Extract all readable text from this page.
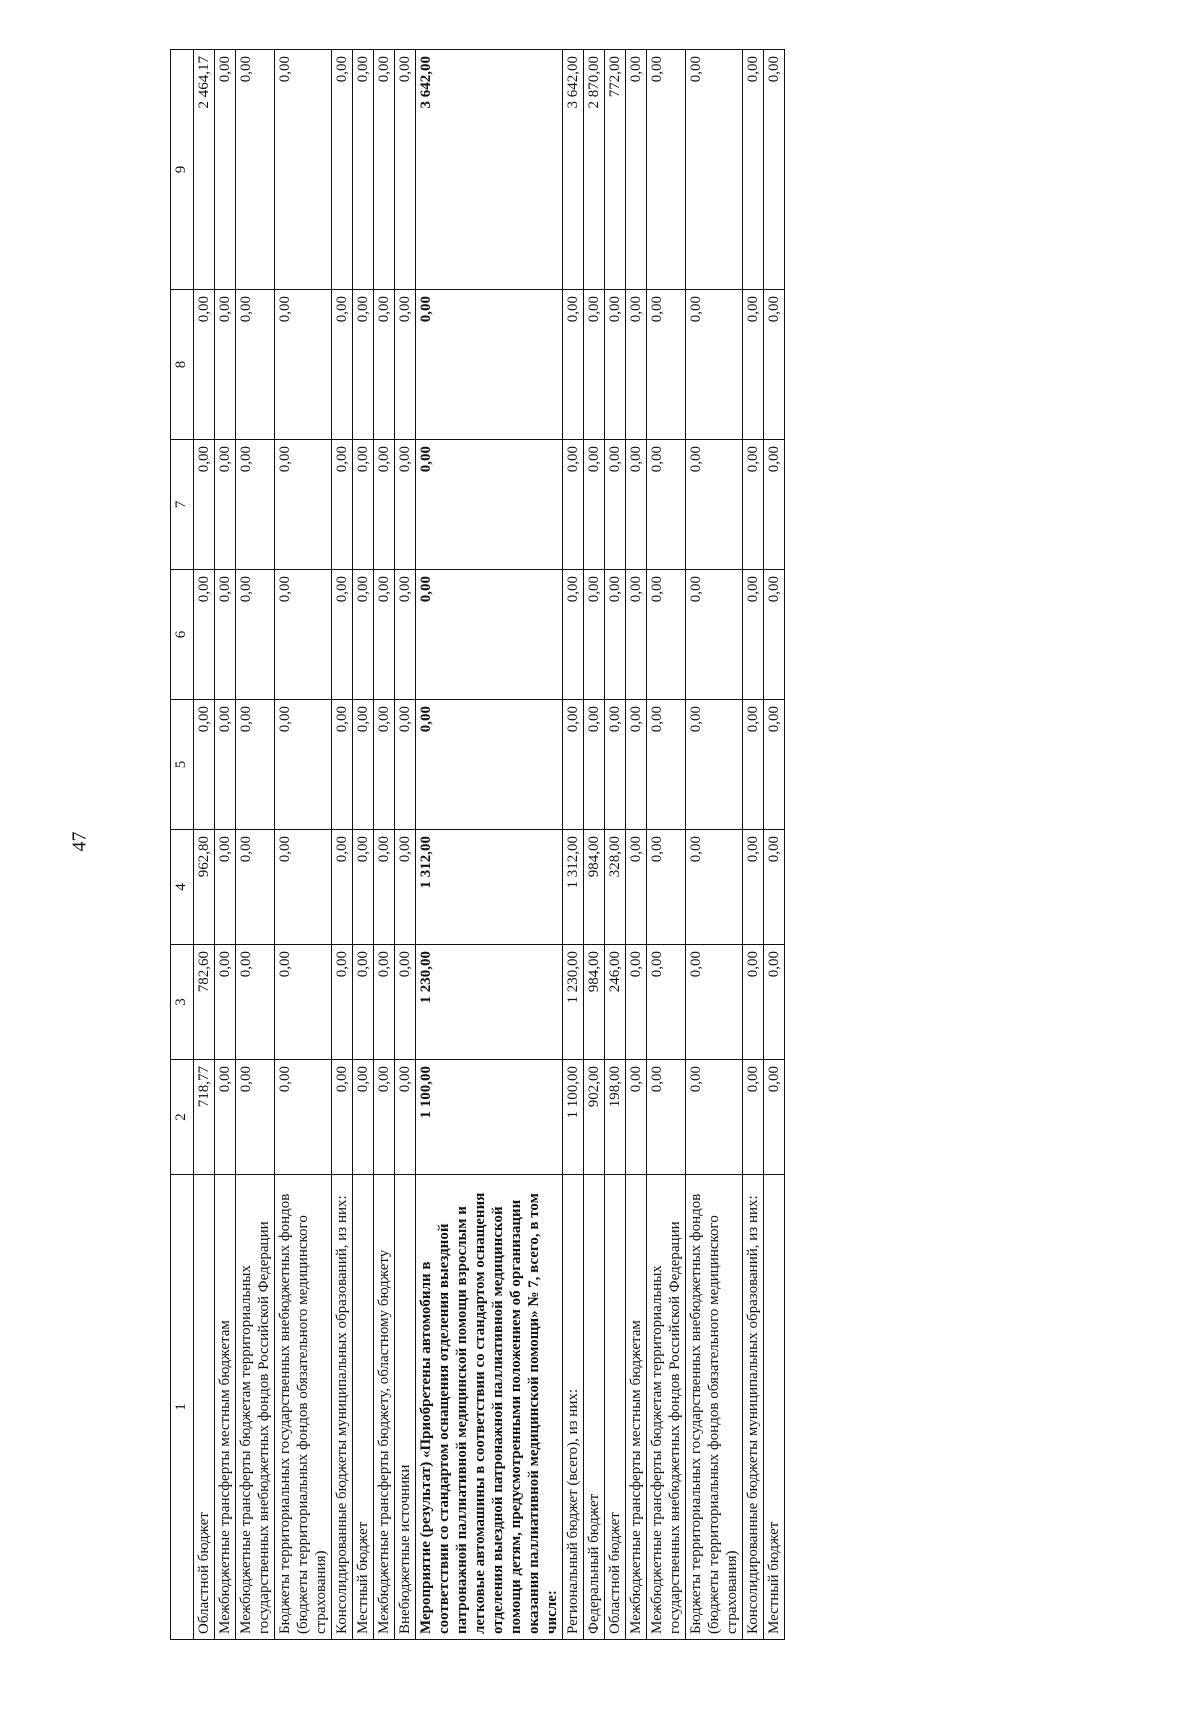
47
1	2	3	4	5	6	7	8	9
Областной бюджет	718,77	782,60	962,80	0,00	0,00	0,00	0,00	2 464,17
Межбюджетные трансферты местным бюджетам	0,00	0,00	0,00	0,00	0,00	0,00	0,00	0,00
Межбюджетные трансферты бюджетам территориальных государственных внебюджетных фондов Российской Федерации	0,00	0,00	0,00	0,00	0,00	0,00	0,00	0,00
Бюджеты территориальных государственных внебюджетных фондов (бюджеты территориальных фондов обязательного медицинского страхования)	0,00	0,00	0,00	0,00	0,00	0,00	0,00	0,00
Консолидированные бюджеты муниципальных образований, из них:	0,00	0,00	0,00	0,00	0,00	0,00	0,00	0,00
Местный бюджет	0,00	0,00	0,00	0,00	0,00	0,00	0,00	0,00
Межбюджетные трансферты бюджету, областному бюджету	0,00	0,00	0,00	0,00	0,00	0,00	0,00	0,00
Внебюджетные источники	0,00	0,00	0,00	0,00	0,00	0,00	0,00	0,00
Мероприятие (результат) «Приобретены автомобили в соответствии со стандартом оснащения отделения выездной патронажной паллиативной медицинской помощи взрослым и легковые автомашины в соответствии со стандартом оснащения отделения выездной патронажной паллиативной медицинской помощи детям, предусмотренными положением об организации оказания паллиативной медицинской помощи» № 7, всего, в том числе:	1 100,00	1 230,00	1 312,00	0,00	0,00	0,00	0,00	3 642,00
Региональный бюджет (всего), из них:	1 100,00	1 230,00	1 312,00	0,00	0,00	0,00	0,00	3 642,00
Федеральный бюджет	902,00	984,00	984,00	0,00	0,00	0,00	0,00	2 870,00
Областной бюджет	198,00	246,00	328,00	0,00	0,00	0,00	0,00	772,00
Межбюджетные трансферты местным бюджетам	0,00	0,00	0,00	0,00	0,00	0,00	0,00	0,00
Межбюджетные трансферты бюджетам территориальных государственных внебюджетных фондов Российской Федерации	0,00	0,00	0,00	0,00	0,00	0,00	0,00	0,00
Бюджеты территориальных государственных внебюджетных фондов (бюджеты территориальных фондов обязательного медицинского страхования)	0,00	0,00	0,00	0,00	0,00	0,00	0,00	0,00
Консолидированные бюджеты муниципальных образований, из них:	0,00	0,00	0,00	0,00	0,00	0,00	0,00	0,00
Местный бюджет	0,00	0,00	0,00	0,00	0,00	0,00	0,00	0,00
